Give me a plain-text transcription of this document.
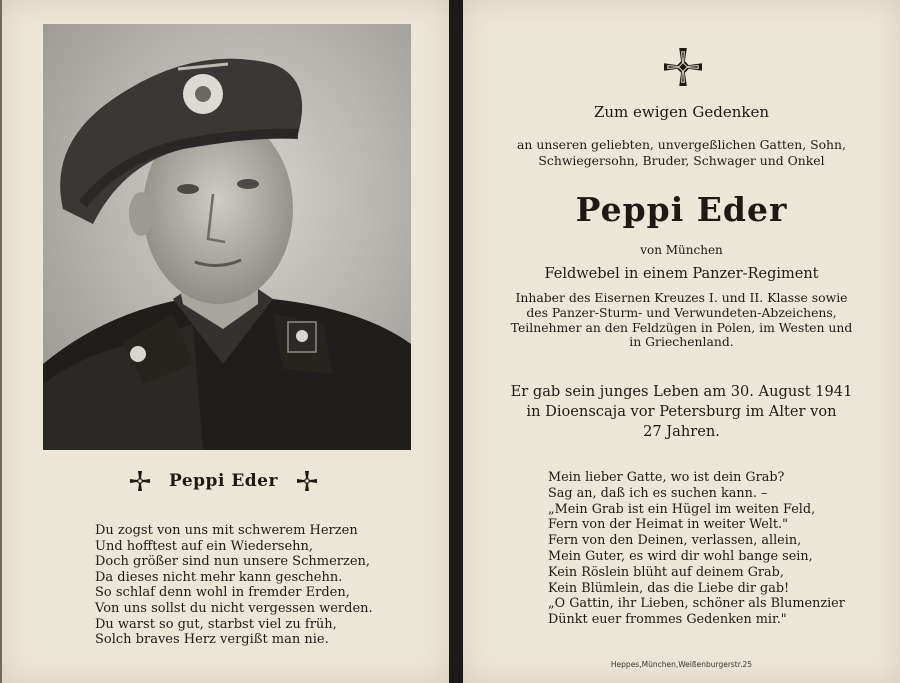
Peppi Eder
Du zogst von uns mit schwerem Herzen
Und hofftest auf ein Wiedersehn,
Doch größer sind nun unsere Schmerzen,
Da dieses nicht mehr kann geschehn.
So schlaf denn wohl in fremder Erden,
Von uns sollst du nicht vergessen werden.
Du warst so gut, starbst viel zu früh,
Solch braves Herz vergißt man nie.
Zum ewigen Gedenken
an unseren geliebten, unvergeßlichen Gatten, Sohn,
Schwiegersohn, Bruder, Schwager und Onkel
Peppi Eder
von München
Feldwebel in einem Panzer-Regiment
Inhaber des Eisernen Kreuzes I. und II. Klasse sowie
des Panzer-Sturm- und Verwundeten-Abzeichens,
Teilnehmer an den Feldzügen in Polen, im Westen und
in Griechenland.
Er gab sein junges Leben am 30. August 1941
in Dioenscaja vor Petersburg im Alter von
27 Jahren.
Mein lieber Gatte, wo ist dein Grab?
Sag an, daß ich es suchen kann. –
„Mein Grab ist ein Hügel im weiten Feld,
Fern von der Heimat in weiter Welt."
Fern von den Deinen, verlassen, allein,
Mein Guter, es wird dir wohl bange sein,
Kein Röslein blüht auf deinem Grab,
Kein Blümlein, das die Liebe dir gab!
„O Gattin, ihr Lieben, schöner als Blumenzier
Dünkt euer frommes Gedenken mir."
Heppes,München,Weißenburgerstr.25
